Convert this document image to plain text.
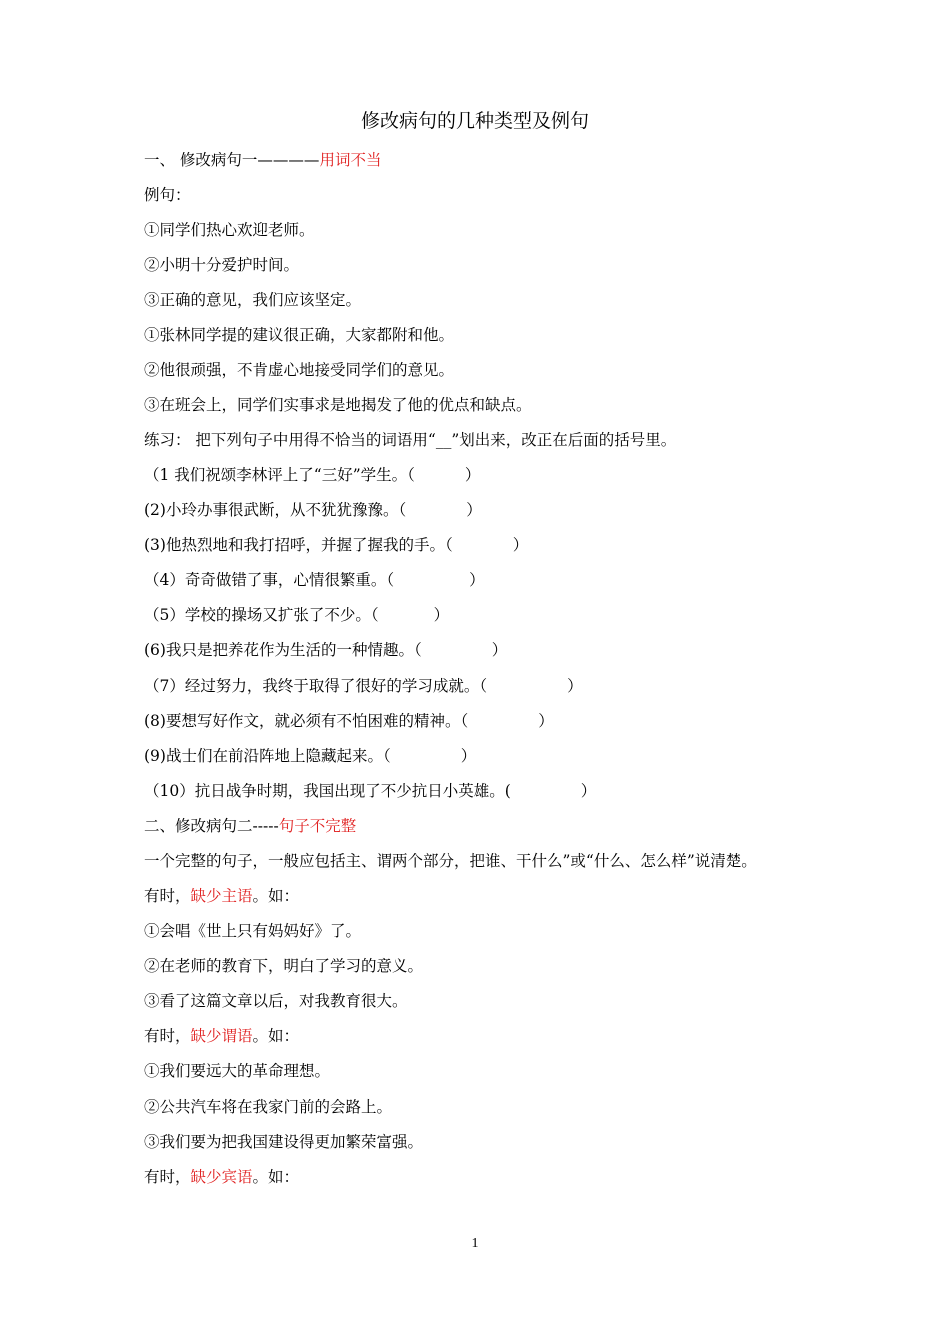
修改病句的几种类型及例句
一、 修改病句一————用词不当
例句：
①同学们热心欢迎老师。
②小明十分爱护时间。
③正确的意见，我们应该坚定。
①张林同学提的建议很正确，大家都附和他。
②他很顽强，不肯虚心地接受同学们的意见。
③在班会上，同学们实事求是地揭发了他的优点和缺点。
练习： 把下列句子中用得不恰当的词语用“__”划出来，改正在后面的括号里。
（1 我们祝颂李林评上了“三好”学生。（	）
(2)小玲办事很武断，从不犹犹豫豫。（	）
(3)他热烈地和我打招呼，并握了握我的手。（	）
（4）奇奇做错了事，心情很繁重。（	）
（5）学校的操场又扩张了不少。（	）
(6)我只是把养花作为生活的一种情趣。（	）
（7）经过努力，我终于取得了很好的学习成就。（	）
(8)要想写好作文，就必须有不怕困难的精神。（	）
(9)战士们在前沿阵地上隐藏起来。（	）
（10）抗日战争时期，我国出现了不少抗日小英雄。(	）
二、修改病句二-----句子不完整
一个完整的句子，一般应包括主、谓两个部分，把谁、干什么”或“什么、怎么样”说清楚。
有时，缺少主语。如：
①会唱《世上只有妈妈好》了。
②在老师的教育下，明白了学习的意义。
③看了这篇文章以后，对我教育很大。
有时，缺少谓语。如：
①我们要远大的革命理想。
②公共汽车将在我家门前的会路上。
③我们要为把我国建设得更加繁荣富强。
有时，缺少宾语。如：
1
